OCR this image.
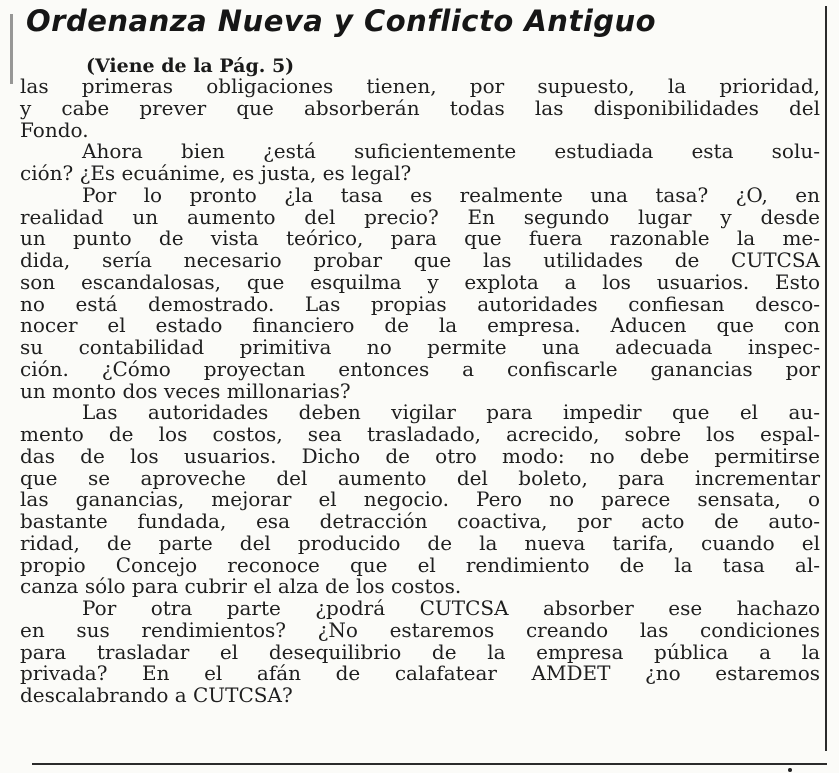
Ordenanza Nueva y Conflicto Antiguo
(Viene de la Pág. 5)
las primeras obligaciones tienen, por supuesto, la prioridad,
y cabe prever que absorberán todas las disponibilidades del
Fondo.
Ahora bien ¿está suficientemente estudiada esta solu-
ción? ¿Es ecuánime, es justa, es legal?
Por lo pronto ¿la tasa es realmente una tasa? ¿O, en
realidad un aumento del precio? En segundo lugar y desde
un punto de vista teórico, para que fuera razonable la me-
dida, sería necesario probar que las utilidades de CUTCSA
son escandalosas, que esquilma y explota a los usuarios. Esto
no está demostrado. Las propias autoridades confiesan desco-
nocer el estado financiero de la empresa. Aducen que con
su contabilidad primitiva no permite una adecuada inspec-
ción. ¿Cómo proyectan entonces a confiscarle ganancias por
un monto dos veces millonarias?
Las autoridades deben vigilar para impedir que el au-
mento de los costos, sea trasladado, acrecido, sobre los espal-
das de los usuarios. Dicho de otro modo: no debe permitirse
que se aproveche del aumento del boleto, para incrementar
las ganancias, mejorar el negocio. Pero no parece sensata, o
bastante fundada, esa detracción coactiva, por acto de auto-
ridad, de parte del producido de la nueva tarifa, cuando el
propio Concejo reconoce que el rendimiento de la tasa al-
canza sólo para cubrir el alza de los costos.
Por otra parte ¿podrá CUTCSA absorber ese hachazo
en sus rendimientos? ¿No estaremos creando las condiciones
para trasladar el desequilibrio de la empresa pública a la
privada? En el afán de calafatear AMDET ¿no estaremos
descalabrando a CUTCSA?
